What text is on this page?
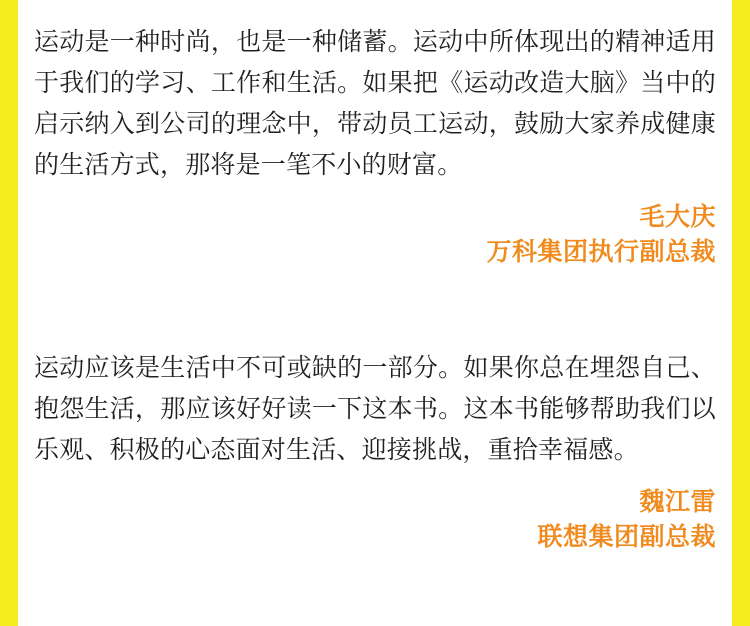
运动是一种时尚，也是一种储蓄。运动中所体现出的精神适用于我们的学习、工作和生活。如果把《运动改造大脑》当中的启示纳入到公司的理念中，带动员工运动，鼓励大家养成健康的生活方式，那将是一笔不小的财富。

毛大庆
万科集团执行副总裁

运动应该是生活中不可或缺的一部分。如果你总在埋怨自己、抱怨生活，那应该好好读一下这本书。这本书能够帮助我们以乐观、积极的心态面对生活、迎接挑战，重拾幸福感。

魏江雷
联想集团副总裁
